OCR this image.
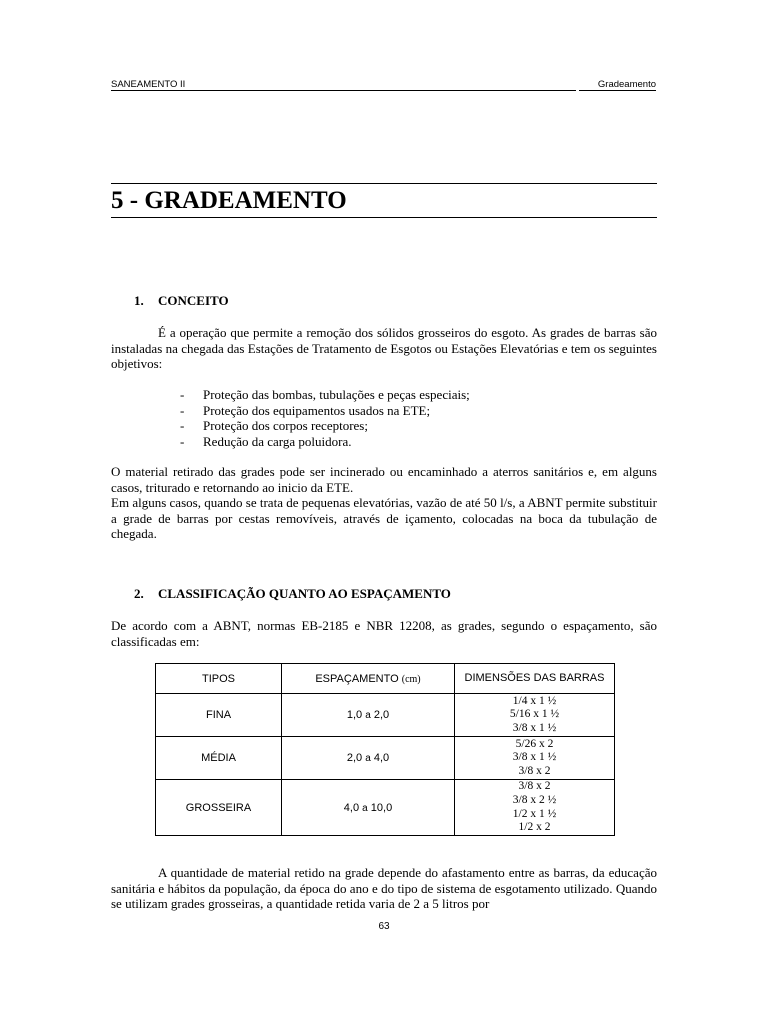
SANEAMENTO II	Gradeamento
5 - GRADEAMENTO
1. CONCEITO
É a operação que permite a remoção dos sólidos grosseiros do esgoto. As grades de barras são instaladas na chegada das Estações de Tratamento de Esgotos ou Estações Elevatórias e tem os seguintes objetivos:
-	Proteção das bombas, tubulações e peças especiais;
-	Proteção dos equipamentos usados na ETE;
-	Proteção dos corpos receptores;
-	Redução da carga poluidora.
O material retirado das grades pode ser incinerado ou encaminhado a aterros sanitários e, em alguns casos, triturado e retornando ao inicio da ETE.
Em alguns casos, quando se trata de pequenas elevatórias, vazão de até 50 l/s, a ABNT permite substituir a grade de barras por cestas removíveis, através de içamento, colocadas na boca da tubulação de chegada.
2. CLASSIFICAÇÃO QUANTO AO ESPAÇAMENTO
De acordo com a ABNT, normas EB-2185 e NBR 12208, as grades, segundo o espaçamento, são classificadas em:
TIPOS	ESPAÇAMENTO (cm)	DIMENSÕES DAS BARRAS
FINA	1,0 a 2,0	1/4 x 1 ½
5/16 x 1 ½
3/8 x 1 ½

MÉDIA	2,0 a 4,0	5/26 x 2
3/8 x 1 ½
3/8 x 2

GROSSEIRA	4,0 a 10,0	3/8 x 2
3/8 x 2 ½
1/2 x 1 ½
1/2 x 2
A quantidade de material retido na grade depende do afastamento entre as barras, da educação sanitária e hábitos da população, da época do ano e do tipo de sistema de esgotamento utilizado. Quando se utilizam grades grosseiras, a quantidade retida varia de 2 a 5 litros por
63
